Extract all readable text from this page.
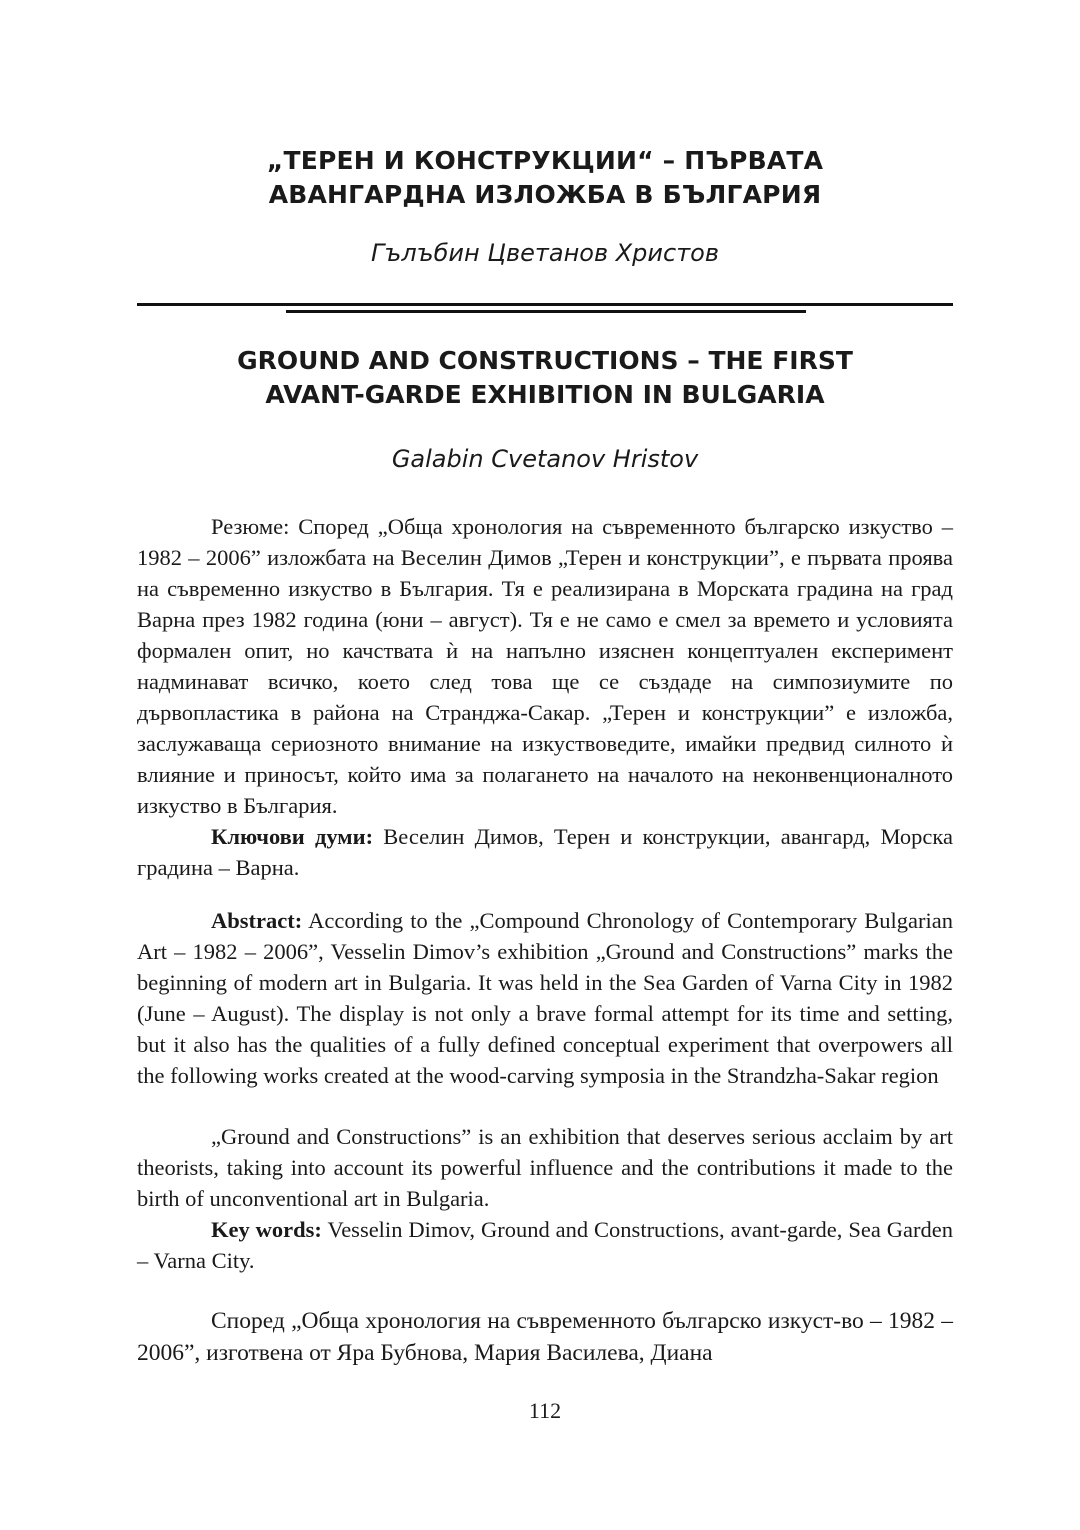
„ТЕРЕН И КОНСТРУКЦИИ“ – ПЪРВАТА
АВАНГАРДНА ИЗЛОЖБА В БЪЛГАРИЯ
Гълъбин Цветанов Христов
GROUND AND CONSTRUCTIONS – THE FIRST
AVANT-GARDE EXHIBITION IN BULGARIA
Galabin Cvetanov Hristov

Резюме: Според „Обща хронология на съвременното българско изкуство – 1982 – 2006” изложбата на Веселин Димов „Терен и конструкции”, е първата проява на съвременно изкуство в България. Тя е реализирана в Морската градина на град Варна през 1982 година (юни – август). Тя е не само е смел за времето и условията формален опит, но качствата ѝ на напълно изяснен концептуален експеримент надминават всичко, което след това ще се създаде на симпозиумите по дървопластика в района на Странджа-Сакар. „Терен и конструкции” е изложба, заслужаваща сериозното внимание на изкуствоведите, имайки предвид силното ѝ влияние и приносът, който има за полагането на началото на неконвенционалното изкуство в България.

Ключови думи: Веселин Димов, Терен и конструкции, авангард, Морска градина – Варна.

Abstract: According to the „Compound Chronology of Contemporary Bulgarian Art – 1982 – 2006”, Vesselin Dimov’s exhibition „Ground and Constructions” marks the beginning of modern art in Bulgaria. It was held in the Sea Garden of Varna City in 1982 (June – August). The display is not only a brave formal attempt for its time and setting, but it also has the qualities of a fully defined conceptual experiment that overpowers all the following works created at the wood-carving symposia in the Strandzha-Sakar region

„Ground and Constructions” is an exhibition that deserves serious acclaim by art theorists, taking into account its powerful influence and the contributions it made to the birth of unconventional art in Bulgaria.

Key words: Vesselin Dimov, Ground and Constructions, avant-garde, Sea Garden – Varna City.

Според „Обща хронология на съвременното българско изкуст-во – 1982 – 2006”, изготвена от Яра Бубнова, Мария Василева, Диана

112
